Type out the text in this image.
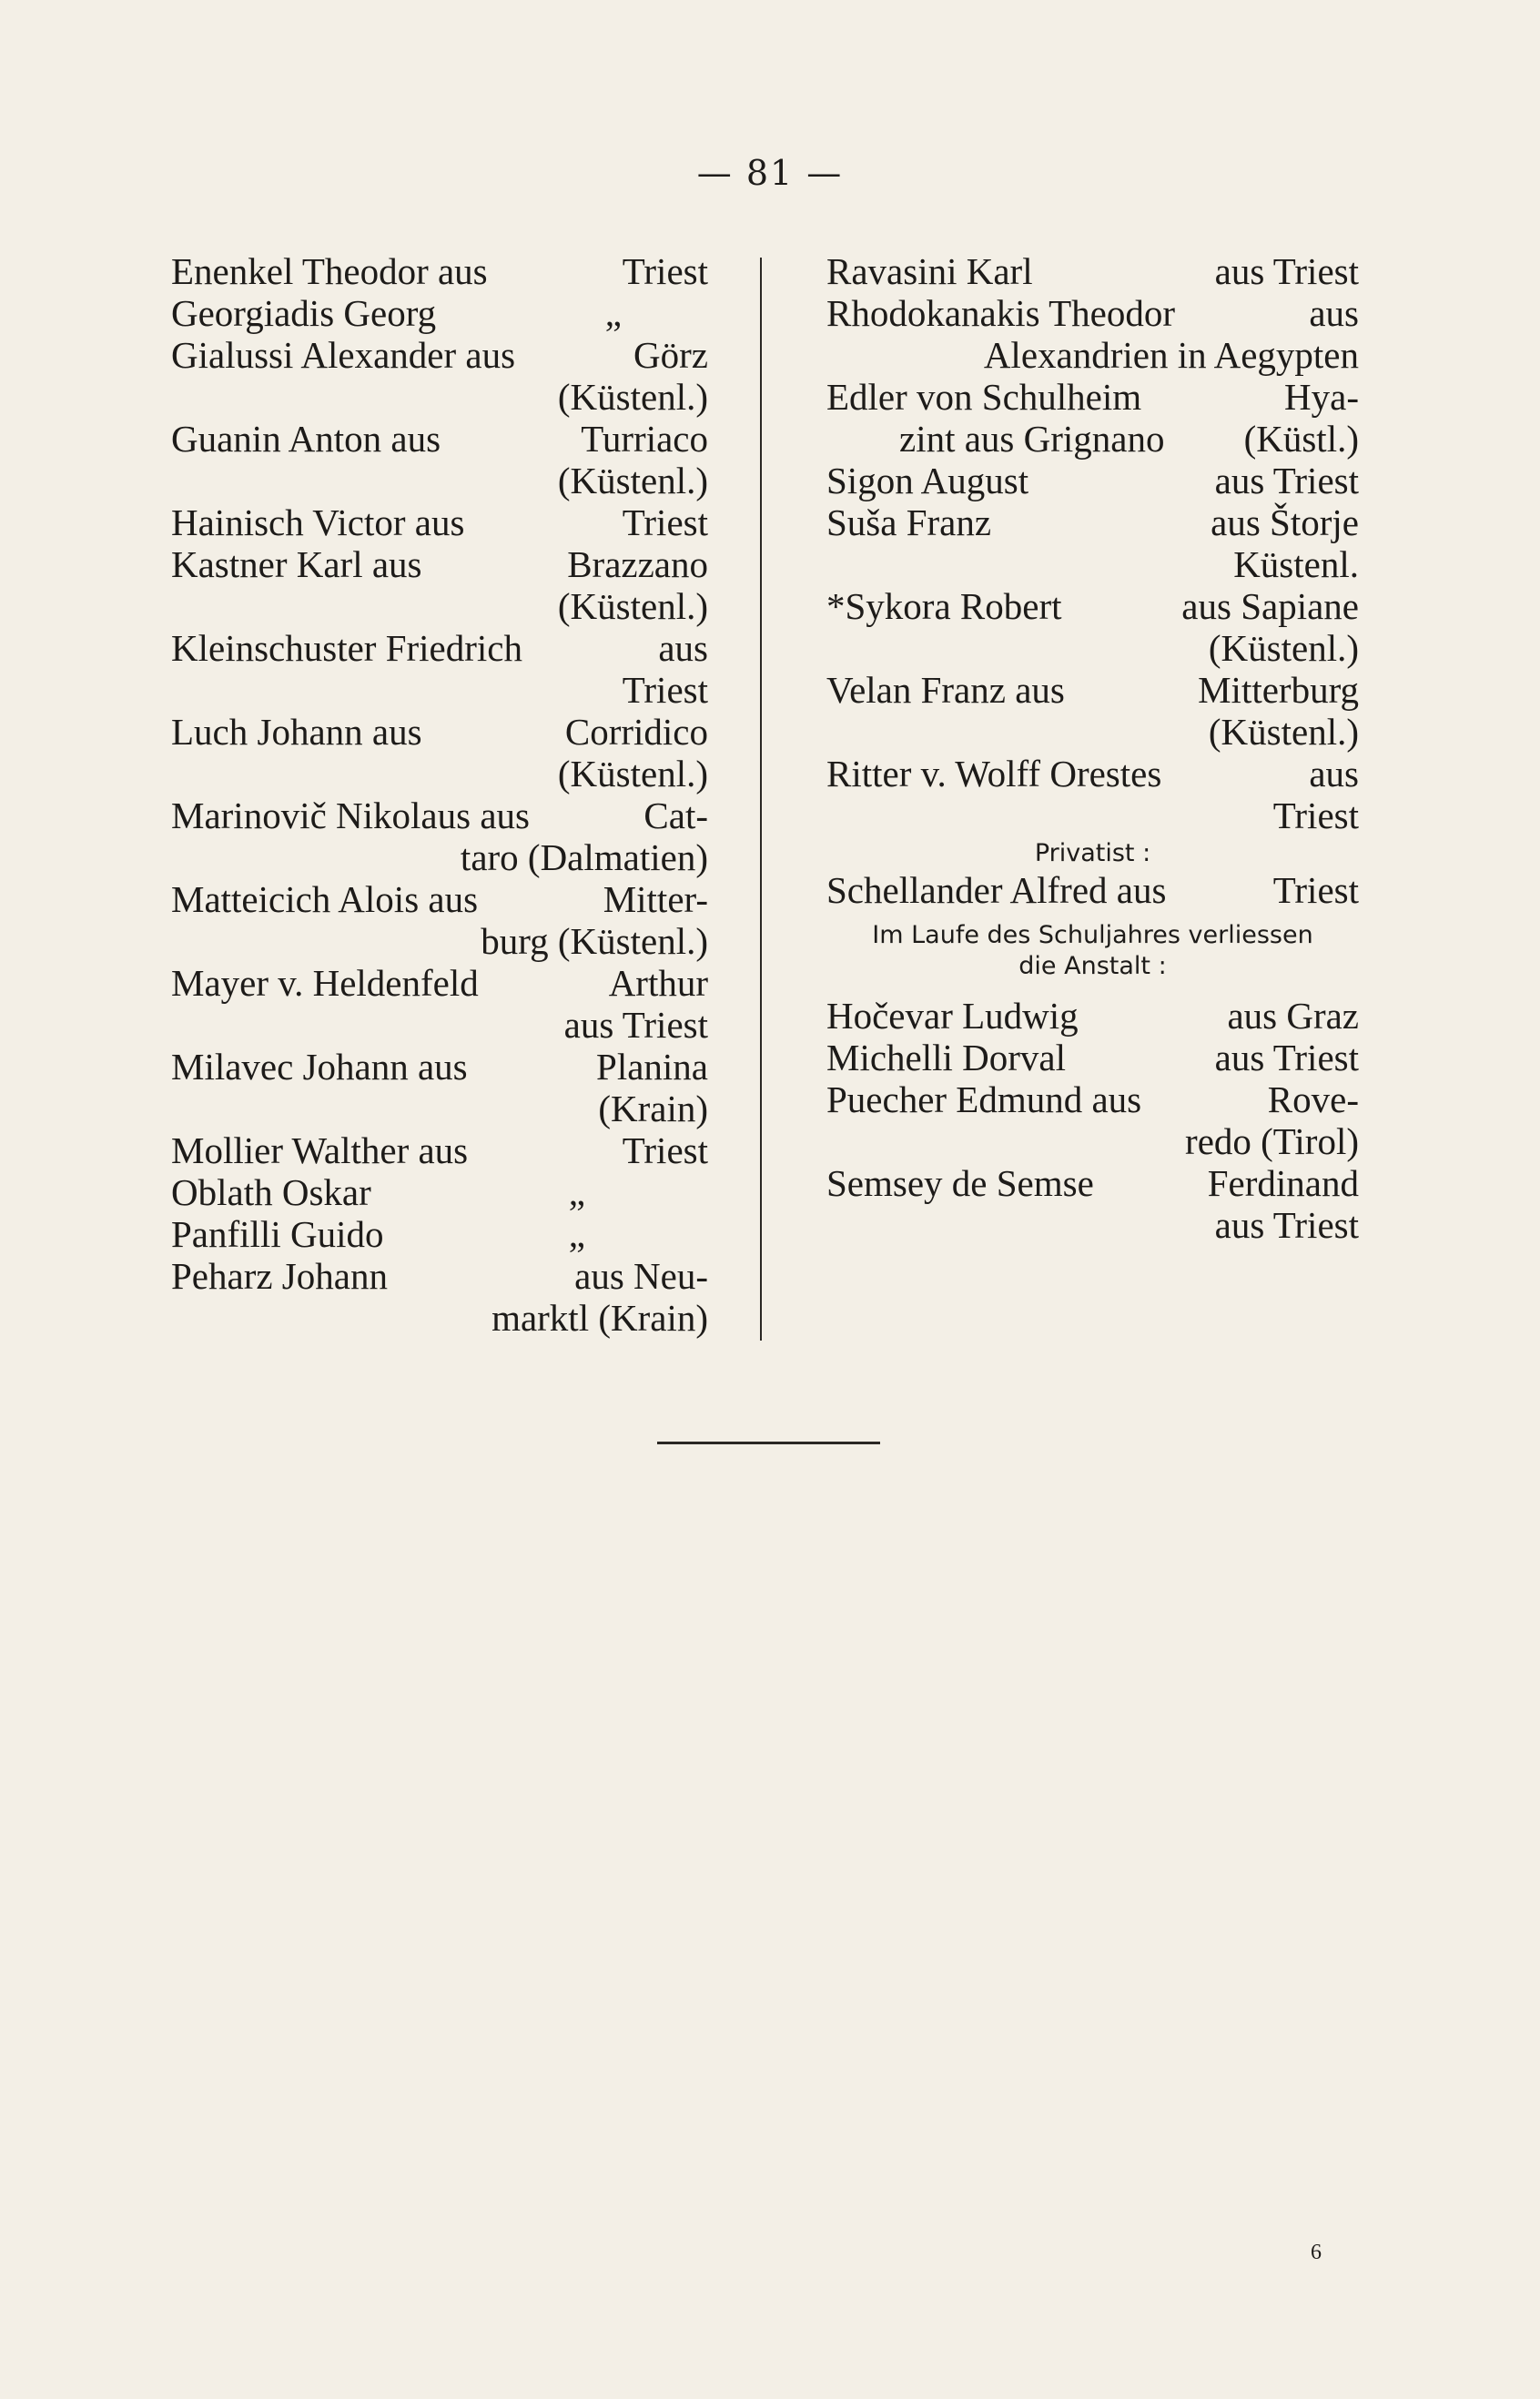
— 81 —
Enenkel Theodor aus	Triest
Georgiadis Georg	„
Gialussi Alexander aus	Görz
(Küstenl.)
Guanin Anton aus	Turriaco
(Küstenl.)
Hainisch Victor aus	Triest
Kastner Karl aus	Brazzano
(Küstenl.)
Kleinschuster Friedrich	aus
Triest
Luch Johann aus	Corridico
(Küstenl.)
Marinovič Nikolaus aus	Cat-
taro (Dalmatien)
Matteicich Alois aus	Mitter-
burg (Küstenl.)
Mayer v. Heldenfeld	Arthur
aus Triest
Milavec Johann aus	Planina
(Krain)
Mollier Walther aus	Triest
Oblath Oskar	„
Panfilli Guido	„
Peharz Johann	aus Neu-
marktl (Krain)
Ravasini Karl	aus Triest
Rhodokanakis Theodor	aus
Alexandrien in Aegypten
Edler von Schulheim	Hya-
zint aus Grignano (Küstl.)
Sigon August	aus Triest
Suša Franz	aus Štorje
Küstenl.
*Sykora Robert	aus Sapiane
(Küstenl.)
Velan Franz aus	Mitterburg
(Küstenl.)
Ritter v. Wolff Orestes	aus
Triest
Privatist :
Schellander Alfred aus	Triest
Im Laufe des Schuljahres verliessen
die Anstalt :
Hočevar Ludwig	aus Graz
Michelli Dorval	aus Triest
Puecher Edmund aus	Rove-
redo (Tirol)
Semsey de Semse	Ferdinand
aus Triest
6
